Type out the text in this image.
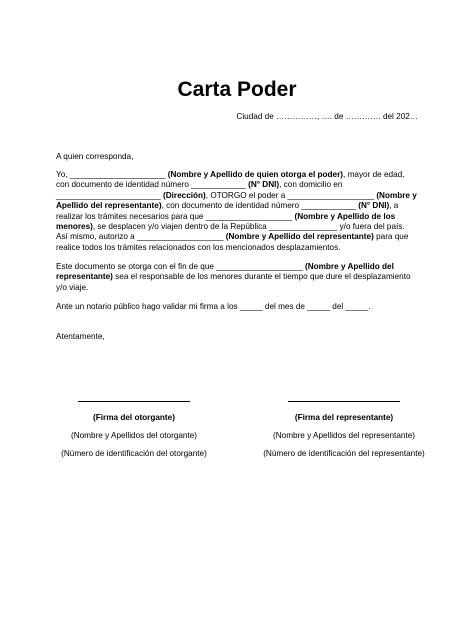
Carta Poder
Ciudad de ……………, …. de …………. del 202…
A quien corresponda,
Yo, _____________________ (Nombre y Apellido de quien otorga el poder), mayor de edad, con documento de identidad número ____________ (N° DNI), con domicilio en _______________________ (Dirección), OTORGO el poder a ___________________ (Nombre y Apellido del representante), con documento de identidad número ____________ (N° DNI), a realizar los trámites necesarios para que ___________________ (Nombre y Apellido de los menores), se desplacen y/o viajen dentro de la República _______________ y/o fuera del país. Así mismo, autorizo a ___________________ (Nombre y Apellido del representante) para que realice todos los trámites relacionados con los mencionados desplazamientos.
Este documento se otorga con el fin de que ___________________ (Nombre y Apellido del representante) sea el responsable de los menores durante el tiempo que dure el desplazamiento y/o viaje.
Ante un notario público hago validar mi firma a los _____ del mes de _____ del _____.
Atentamente,
(Firma del otorgante)
(Nombre y Apellidos del otorgante)
(Número de identificación del otorgante)
(Firma del representante)
(Nombre y Apellidos del representante)
(Número de identificación del representante)
